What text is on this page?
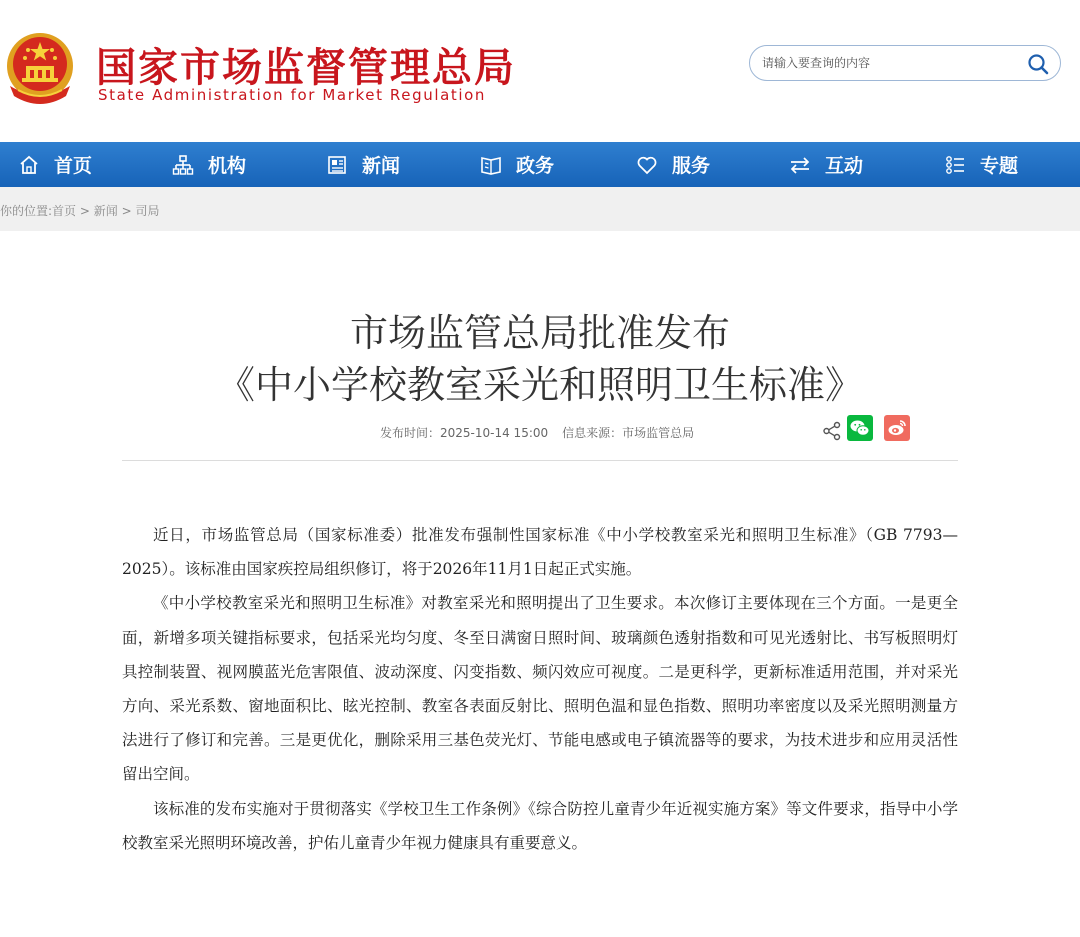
国家市场监督管理总局
State Administration for Market Regulation
请输入要查询的内容
首页	机构	新闻	政务	服务	互动	专题
你的位置:首页 > 新闻 > 司局
市场监管总局批准发布
《中小学校教室采光和照明卫生标准》
发布时间：2025-10-14 15:00 信息来源：市场监管总局

近日，市场监管总局（国家标准委）批准发布强制性国家标准《中小学校教室采光和照明卫生标准》（GB 7793—2025）。该标准由国家疾控局组织修订，将于2026年11月1日起正式实施。

《中小学校教室采光和照明卫生标准》对教室采光和照明提出了卫生要求。本次修订主要体现在三个方面。一是更全面，新增多项关键指标要求，包括采光均匀度、冬至日满窗日照时间、玻璃颜色透射指数和可见光透射比、书写板照明灯具控制装置、视网膜蓝光危害限值、波动深度、闪变指数、频闪效应可视度。二是更科学，更新标准适用范围，并对采光方向、采光系数、窗地面积比、眩光控制、教室各表面反射比、照明色温和显色指数、照明功率密度以及采光照明测量方法进行了修订和完善。三是更优化，删除采用三基色荧光灯、节能电感或电子镇流器等的要求，为技术进步和应用灵活性留出空间。

该标准的发布实施对于贯彻落实《学校卫生工作条例》《综合防控儿童青少年近视实施方案》等文件要求，指导中小学校教室采光照明环境改善，护佑儿童青少年视力健康具有重要意义。
